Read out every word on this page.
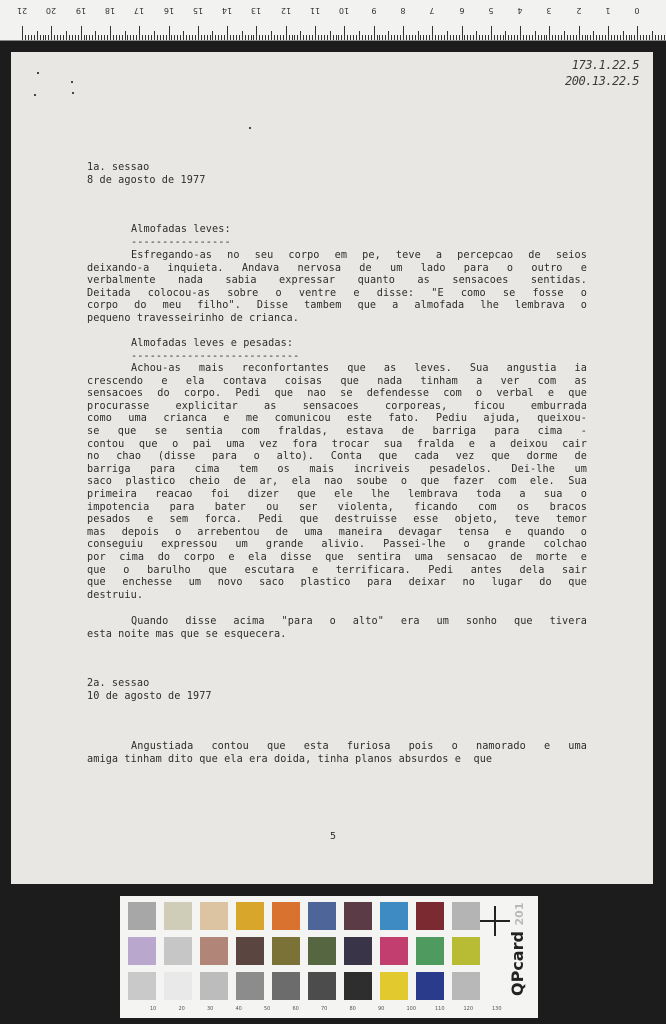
21 20 19 18 17 16 15 14 13 12 11 10	9	8	7	6	5	4	3	2	1	0
173.1.22.5
200.13.22.5
1a. sessao
8 de agosto de 1977
Almofadas leves:
----------------
Esfregando-as no seu corpo em pe, teve a percepcao de seios
deixando-a inquieta. Andava nervosa de um lado para o outro e
verbalmente nada sabia expressar quanto as sensacoes sentidas.
Deitada colocou-as sobre o ventre e disse: "E como se fosse o
corpo do meu filho". Disse tambem que a almofada lhe lembrava o
pequeno travesseirinho de crianca.
Almofadas leves e pesadas:
---------------------------
Achou-as mais reconfortantes que as leves. Sua angustia ia
crescendo e ela contava coisas que nada tinham a ver com as
sensacoes do corpo. Pedi que nao se defendesse com o verbal e que
procurasse explicitar as sensacoes corporeas, ficou emburrada
como uma crianca e me comunicou este fato. Pediu ajuda, queixou-
se que se sentia com fraldas, estava de barriga para cima -
contou que o pai uma vez fora trocar sua fralda e a deixou cair
no chao (disse para o alto). Conta que cada vez que dorme de
barriga para cima tem os mais incriveis pesadelos. Dei-lhe um
saco plastico cheio de ar, ela nao soube o que fazer com ele. Sua
primeira reacao foi dizer que ele lhe lembrava toda a sua o
impotencia para bater ou ser violenta, ficando com os bracos
pesados e sem forca. Pedi que destruisse esse objeto, teve temor
mas depois o arrebentou de uma maneira devagar tensa e quando o
conseguiu expressou um grande alivio. Passei-lhe o grande colchao
por cima do corpo e ela disse que sentira uma sensacao de morte e
que o barulho que escutara e terrificara. Pedi antes dela sair
que enchesse um novo saco plastico para deixar no lugar do que
destruiu.
Quando disse acima "para o alto" era um sonho que tivera
esta noite mas que se esquecera.
2a. sessao
10 de agosto de 1977
Angustiada contou que esta furiosa pois o namorado e uma
amiga tinham dito que ela era doida, tinha planos absurdos e  que
5
QPcard 201
10	20	30	40	50	60	70	80	90	100	110	120	130
